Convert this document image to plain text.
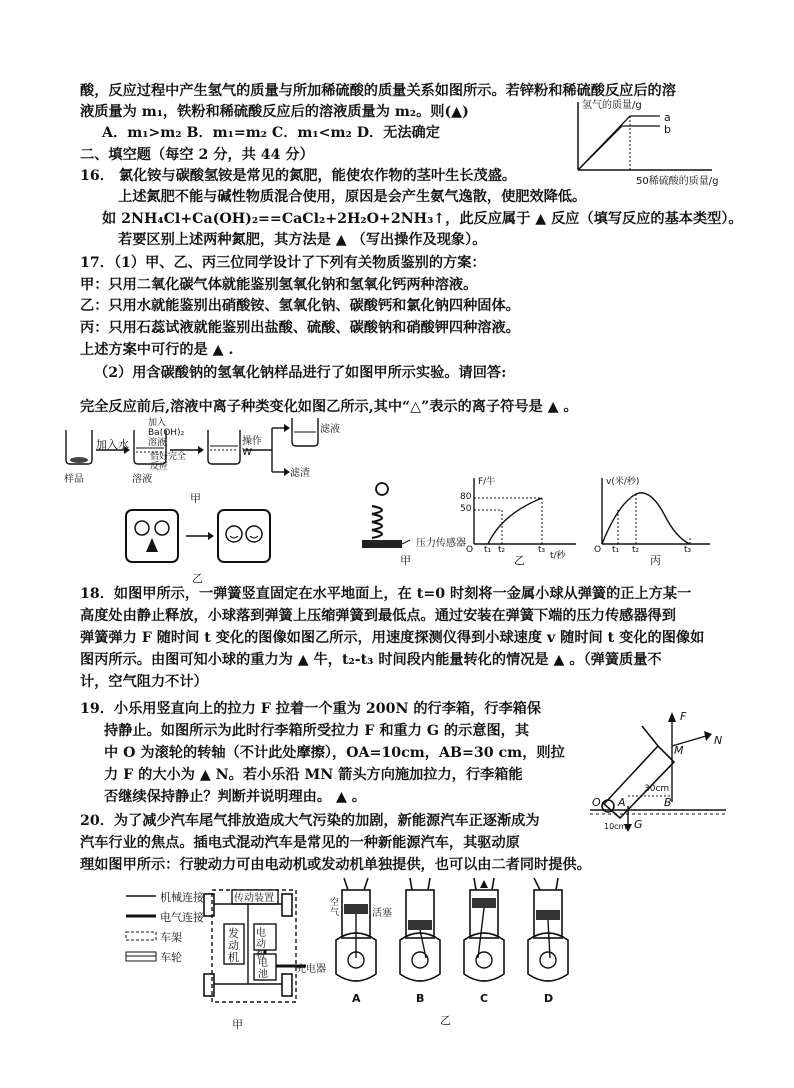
酸，反应过程中产生氢气的质量与所加稀硫酸的质量关系如图所示。若锌粉和稀硫酸反应后的溶
液质量为 m₁，铁粉和稀硫酸反应后的溶液质量为 m₂。则(▲)
A．m₁>m₂ B．m₁=m₂ C．m₁<m₂ D．无法确定
氢气的质量/g
a
b
50稀硫酸的质量/g
二、填空题（每空 2 分，共 44 分）
16． 氯化铵与碳酸氢铵是常见的氮肥，能使农作物的茎叶生长茂盛。
上述氮肥不能与碱性物质混合使用，原因是会产生氨气逸散，使肥效降低。
如 2NH₄Cl+Ca(OH)₂==CaCl₂+2H₂O+2NH₃↑，此反应属于 ▲ 反应（填写反应的基本类型）。
若要区别上述两种氮肥，其方法是 ▲ （写出操作及现象）。
17．（1）甲、乙、丙三位同学设计了下列有关物质鉴别的方案：
甲：只用二氧化碳气体就能鉴别氢氧化钠和氢氧化钙两种溶液。
乙：只用水就能鉴别出硝酸铵、氢氧化钠、碳酸钙和氯化钠四种固体。
丙：只用石蕊试液就能鉴别出盐酸、硫酸、碳酸钠和硝酸钾四种溶液。
上述方案中可行的是 ▲ .
（2）用含碳酸钠的氢氧化钠样品进行了如图甲所示实验。请回答:
完全反应前后,溶液中离子种类变化如图乙所示,其中“△”表示的离子符号是 ▲ 。
加入水
加入Ba(OH)₂溶液
恰好完全反应
操作W
滤液
滤渣
样品	溶液
甲
乙
压力传感器
甲
F/牛
80
50
O t₁ t₂	t₃
t/秒
乙
v(米/秒)
O t₁ t₂	t₃
丙
18．如图甲所示，一弹簧竖直固定在水平地面上，在 t=0 时刻将一金属小球从弹簧的正上方某一
高度处由静止释放，小球落到弹簧上压缩弹簧到最低点。通过安装在弹簧下端的压力传感器得到
弹簧弹力 F 随时间 t 变化的图像如图乙所示，用速度探测仪得到小球速度 v 随时间 t 变化的图像如
图丙所示。由图可知小球的重力为 ▲ 牛，t₂-t₃ 时间段内能量转化的情况是 ▲ 。（弹簧质量不
计，空气阻力不计）
19．小乐用竖直向上的拉力 F 拉着一个重为 200N 的行李箱，行李箱保
持静止。如图所示为此时行李箱所受拉力 F 和重力 G 的示意图，其
中 O 为滚轮的转轴（不计此处摩擦），OA=10cm，AB=30 cm，则拉
力 F 的大小为 ▲ N。若小乐沿 MN 箭头方向施加拉力，行李箱能
否继续保持静止？判断并说明理由。 ▲ 。
F
N
M
O A	B
30cm
10cm G
20．为了减少汽车尾气排放造成大气污染的加剧，新能源汽车正逐渐成为
汽车行业的焦点。插电式混动汽车是常见的一种新能源汽车，其驱动原
理如图甲所示：行驶动力可由电动机或发动机单独提供，也可以由二者同时提供。
机械连接
电气连接
车架
车轮
传动装置
电动机
发动机 电池	充电器
甲
空气	活塞
A	B	C	D
乙
